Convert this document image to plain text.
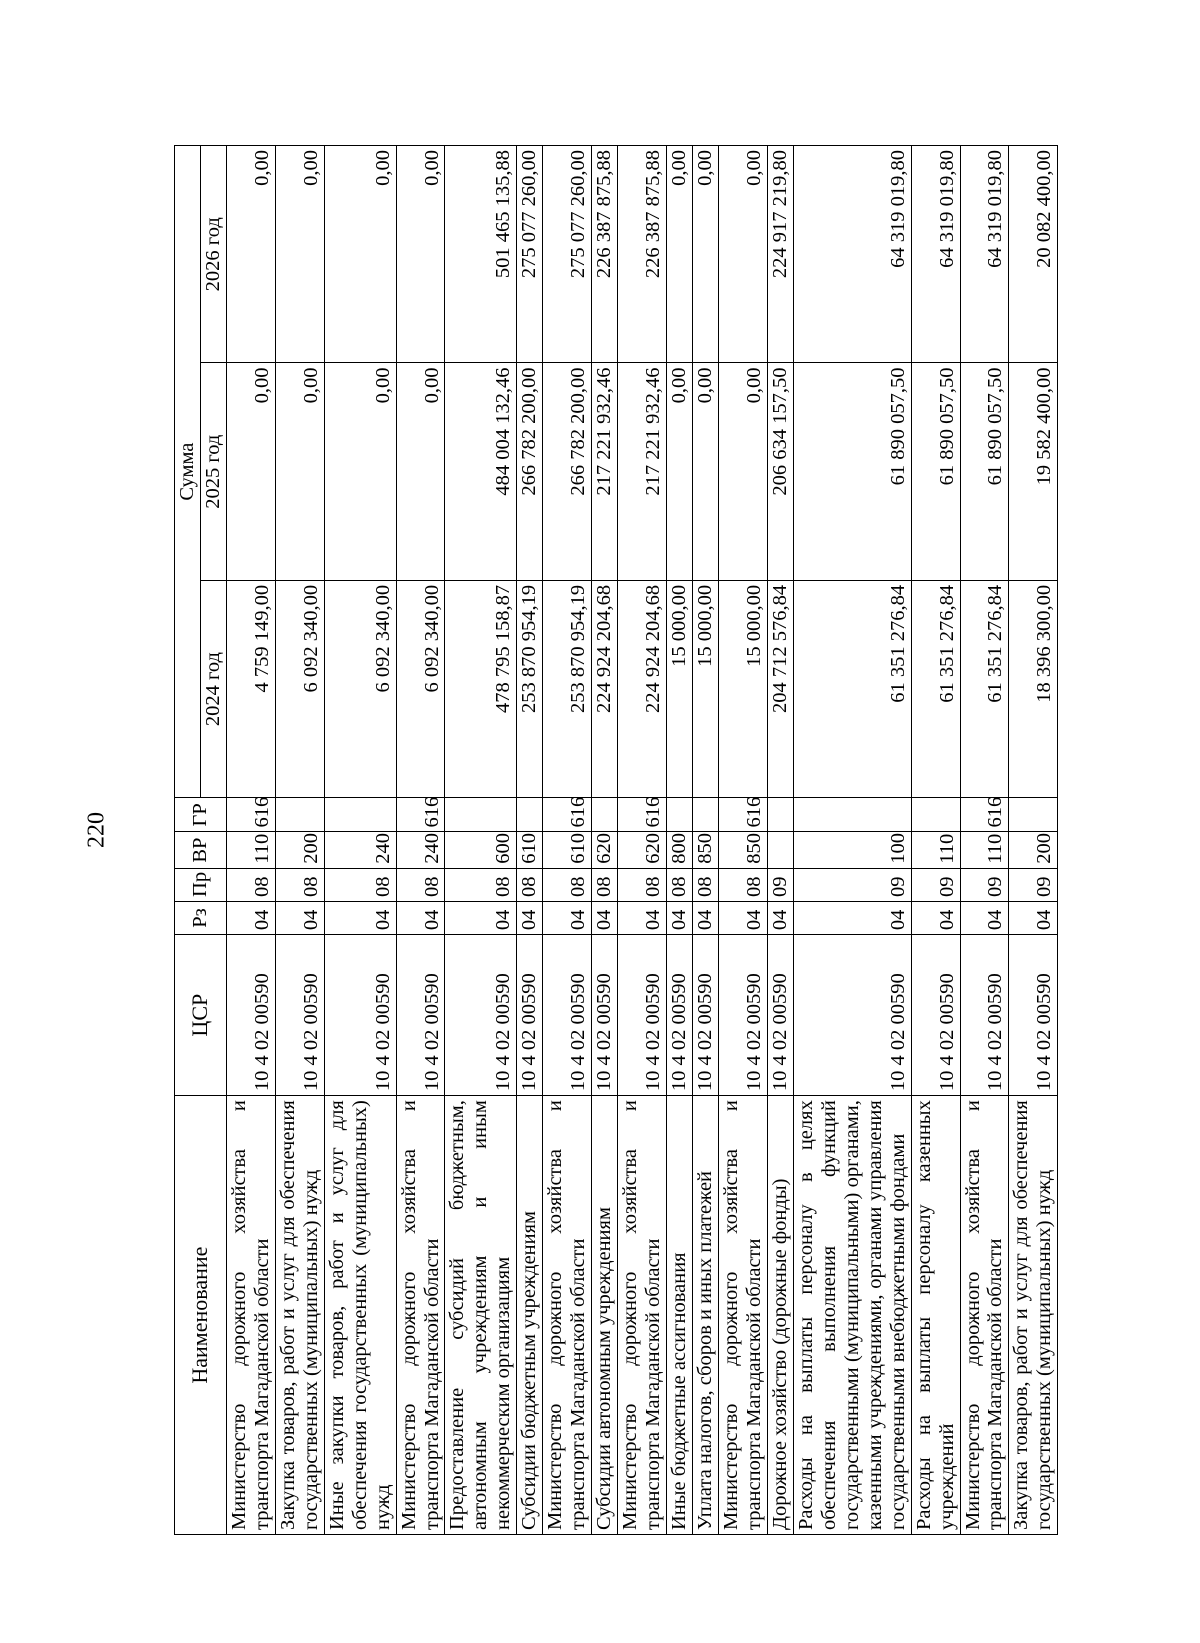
220
Наименование	ЦСР	Рз	Пр	ВР	ГР	Сумма		
						2024 год	2025 год	2026 год
Министерство дорожного хозяйства и транспорта Магаданской области	10 4 02 00590	04	08	110	616	4 759 149,00	0,00	0,00
Закупка товаров, работ и услуг для обеспечения государственных (муниципальных) нужд	10 4 02 00590	04	08	200		6 092 340,00	0,00	0,00
Иные закупки товаров, работ и услуг для обеспечения государственных (муниципальных) нужд	10 4 02 00590	04	08	240		6 092 340,00	0,00	0,00
Министерство дорожного хозяйства и транспорта Магаданской области	10 4 02 00590	04	08	240	616	6 092 340,00	0,00	0,00
Предоставление субсидий бюджетным, автономным учреждениям и иным некоммерческим организациям	10 4 02 00590	04	08	600		478 795 158,87	484 004 132,46	501 465 135,88
Субсидии бюджетным учреждениям	10 4 02 00590	04	08	610		253 870 954,19	266 782 200,00	275 077 260,00
Министерство дорожного хозяйства и транспорта Магаданской области	10 4 02 00590	04	08	610	616	253 870 954,19	266 782 200,00	275 077 260,00
Субсидии автономным учреждениям	10 4 02 00590	04	08	620		224 924 204,68	217 221 932,46	226 387 875,88
Министерство дорожного хозяйства и транспорта Магаданской области	10 4 02 00590	04	08	620	616	224 924 204,68	217 221 932,46	226 387 875,88
Иные бюджетные ассигнования	10 4 02 00590	04	08	800		15 000,00	0,00	0,00
Уплата налогов, сборов и иных платежей	10 4 02 00590	04	08	850		15 000,00	0,00	0,00
Министерство дорожного хозяйства и транспорта Магаданской области	10 4 02 00590	04	08	850	616	15 000,00	0,00	0,00
Дорожное хозяйство (дорожные фонды)	10 4 02 00590	04	09			204 712 576,84	206 634 157,50	224 917 219,80
Расходы на выплаты персоналу в целях обеспечения выполнения функций государственными (муниципальными) органами, казенными учреждениями, органами управления государственными внебюджетными фондами	10 4 02 00590	04	09	100		61 351 276,84	61 890 057,50	64 319 019,80
Расходы на выплаты персоналу казенных учреждений	10 4 02 00590	04	09	110		61 351 276,84	61 890 057,50	64 319 019,80
Министерство дорожного хозяйства и транспорта Магаданской области	10 4 02 00590	04	09	110	616	61 351 276,84	61 890 057,50	64 319 019,80
Закупка товаров, работ и услуг для обеспечения государственных (муниципальных) нужд	10 4 02 00590	04	09	200		18 396 300,00	19 582 400,00	20 082 400,00
